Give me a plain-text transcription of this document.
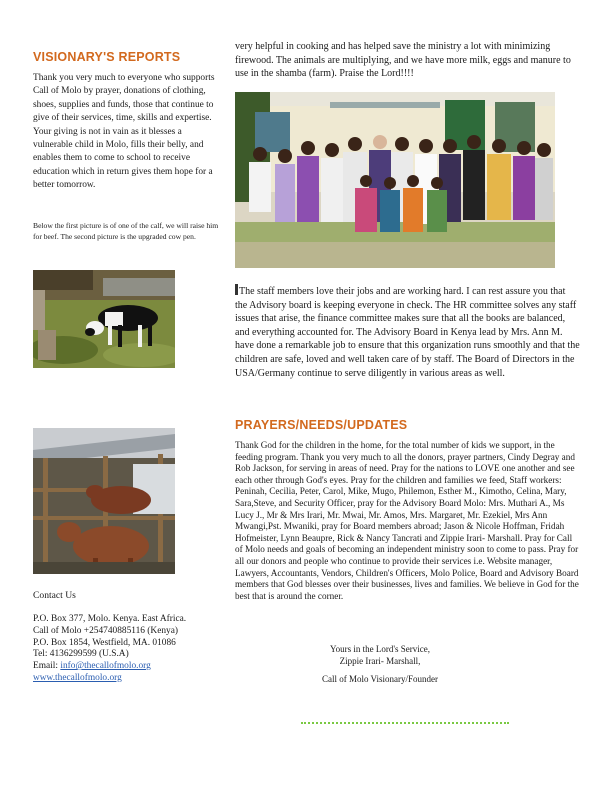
VISIONARY'S REPORTS
Thank you very much to everyone who supports Call of Molo by prayer, donations of clothing, shoes, supplies and funds, those that continue to give of their services, time, skills and expertise. Your giving is not in vain as it blesses a vulnerable child in Molo, fills their belly, and enables them to come to school to receive education which in return gives them hope for a better tomorrow.
Below the first picture is of one of the calf, we will raise him for beef. The second picture is the upgraded cow pen.
Contact Us
P.O. Box 377, Molo. Kenya. East Africa.
Call of Molo +254740885116 (Kenya)
P.O. Box 1854, Westfield, MA. 01086
Tel: 4136299599 (U.S.A)
Email: info@thecallofmolo.org
www.thecallofmolo.org
very helpful in cooking and has helped save the ministry a lot with minimizing firewood. The animals are multiplying, and we have more milk, eggs and manure to use in the shamba (farm). Praise the Lord!!!!
The staff members love their jobs and are working hard. I can rest assure you that the Advisory board is keeping everyone in check. The HR committee solves any staff issues that arise, the finance committee makes sure that all the books are balanced, and everything accounted for. The Advisory Board in Kenya lead by Mrs. Ann M. have done a remarkable job to ensure that this organization runs smoothly and that the children are safe, loved and well taken care of by staff. The Board of Directors in the USA/Germany continue to serve diligently in various areas as well.
PRAYERS/NEEDS/UPDATES
Thank God for the children in the home, for the total number of kids we support, in the feeding program. Thank you very much to all the donors, prayer partners, Cindy Degray and Rob Jackson, for serving in areas of need. Pray for the nations to LOVE one another and see each other through God's eyes. Pray for the children and families we feed, Staff workers: Peninah, Cecilia, Peter, Carol, Mike, Mugo, Philemon, Esther M., Kimotho, Celina, Mary, Sara,Steve, and Security Officer, pray for the Advisory Board Molo: Mrs. Muthari A., Ms Lucy J., Mr & Mrs Irari, Mr. Mwai, Mr. Amos, Mrs. Margaret, Mr. Ezekiel, Mrs Ann Mwangi,Pst. Mwaniki, pray for Board members abroad; Jason & Nicole Hoffman, Fridah Hofmeister, Lynn Beaupre, Rick & Nancy Tancrati and Zippie Irari- Marshall. Pray for Call of Molo needs and goals of becoming an independent ministry soon to come to pass. Pray for all our donors and people who continue to provide their services i.e. Website manager, Lawyers, Accountants, Vendors, Children's Officers, Molo Police, Board and Advisory Board members that God blesses over their businesses, lives and families. We believe in God for the best that is around the corner.
Yours in the Lord's Service,
Zippie Irari- Marshall,
Call of Molo Visionary/Founder
